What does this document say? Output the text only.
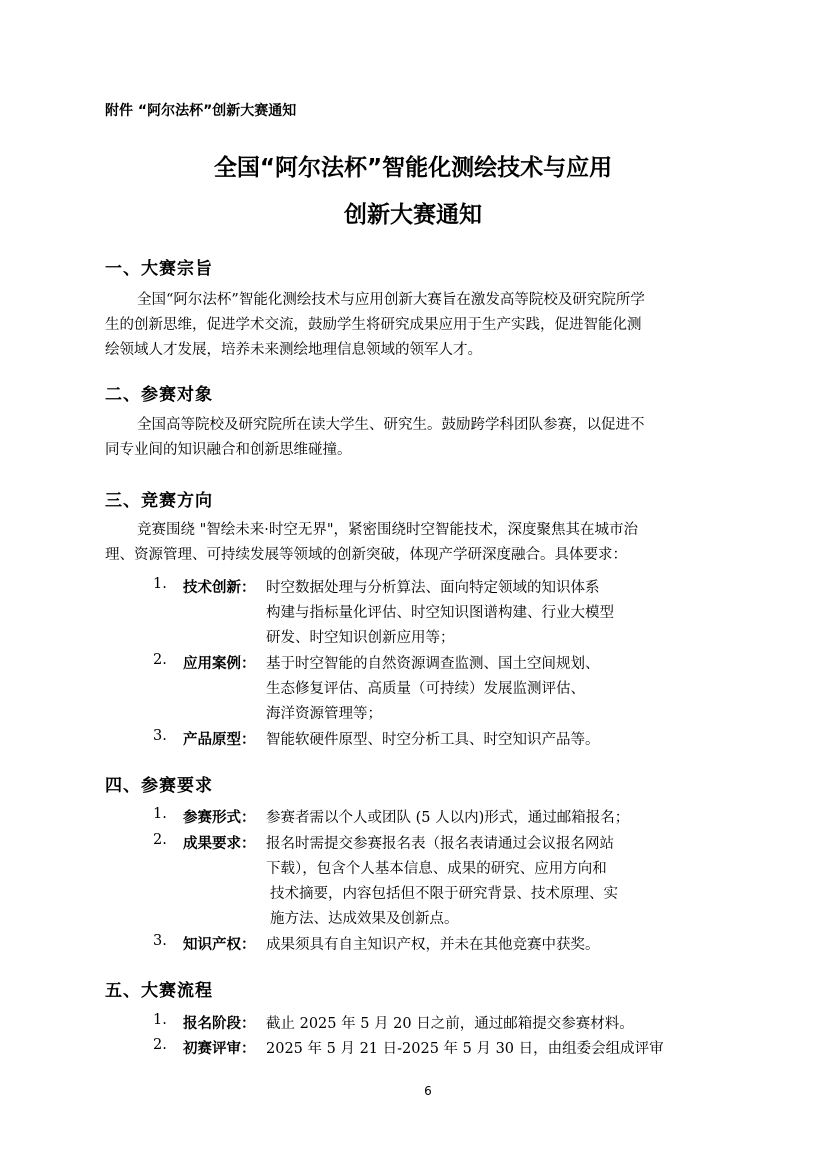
附件 “阿尔法杯”创新大赛通知
全国“阿尔法杯”智能化测绘技术与应用
创新大赛通知
一、大赛宗旨
全国“阿尔法杯”智能化测绘技术与应用创新大赛旨在激发高等院校及研究院所学
生的创新思维，促进学术交流，鼓励学生将研究成果应用于生产实践，促进智能化测
绘领域人才发展，培养未来测绘地理信息领域的领军人才。
二、参赛对象
全国高等院校及研究院所在读大学生、研究生。鼓励跨学科团队参赛，以促进不
同专业间的知识融合和创新思维碰撞。
三、竞赛方向
竞赛围绕 "智绘未来·时空无界"，紧密围绕时空智能技术，深度聚焦其在城市治
理、资源管理、可持续发展等领域的创新突破，体现产学研深度融合。具体要求：
1. 技术创新： 时空数据处理与分析算法、面向特定领域的知识体系
构建与指标量化评估、时空知识图谱构建、行业大模型
研发、时空知识创新应用等；
2. 应用案例： 基于时空智能的自然资源调查监测、国土空间规划、
生态修复评估、高质量（可持续）发展监测评估、
海洋资源管理等；
3. 产品原型： 智能软硬件原型、时空分析工具、时空知识产品等。
四、参赛要求
1. 参赛形式： 参赛者需以个人或团队 (5 人以内)形式，通过邮箱报名；
2. 成果要求： 报名时需提交参赛报名表（报名表请通过会议报名网站
下载），包含个人基本信息、成果的研究、应用方向和
技术摘要，内容包括但不限于研究背景、技术原理、实
施方法、达成效果及创新点。
3. 知识产权： 成果须具有自主知识产权，并未在其他竞赛中获奖。
五、大赛流程
1. 报名阶段： 截止 2025 年 5 月 20 日之前，通过邮箱提交参赛材料。
2. 初赛评审： 2025 年 5 月 21 日-2025 年 5 月 30 日，由组委会组成评审
6
